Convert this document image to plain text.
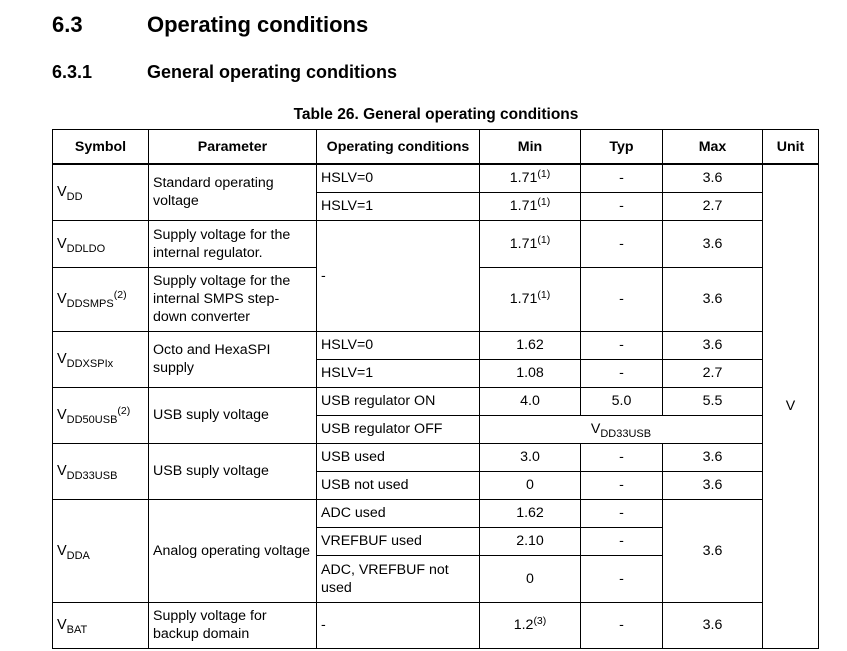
6.3	Operating conditions
6.3.1	General operating conditions
Table 26. General operating conditions
Symbol	Parameter	Operating conditions	Min	Typ	Max	Unit
$V_{DD}$	Standard operating voltage	HSLV=0	1.71$^{(1)}$	-	3.6	V
		HSLV=1	1.71$^{(1)}$	-	2.7	
$V_{DDLDO}$	Supply voltage for the internal regulator.	-	1.71$^{(1)}$	-	3.6	
$V_{DDSMPS}^{(2)}$	Supply voltage for the internal SMPS step-down converter		1.71$^{(1)}$	-	3.6	
$V_{DDXSPIx}$	Octo and HexaSPI supply	HSLV=0	1.62	-	3.6	
		HSLV=1	1.08	-	2.7	
$V_{DD50USB}^{(2)}$	USB suply voltage	USB regulator ON	4.0	5.0	5.5	
		USB regulator OFF	$V_{DD33USB}$
$V_{DD33USB}$	USB suply voltage	USB used	3.0	-	3.6	
		USB not used	0	-	3.6	
$V_{DDA}$	Analog operating voltage	ADC used	1.62	-	3.6	
		VREFBUF used	2.10	-		
		ADC, VREFBUF not used	0	-		
$V_{BAT}$	Supply voltage for backup domain	-	1.2$^{(3)}$	-	3.6	
